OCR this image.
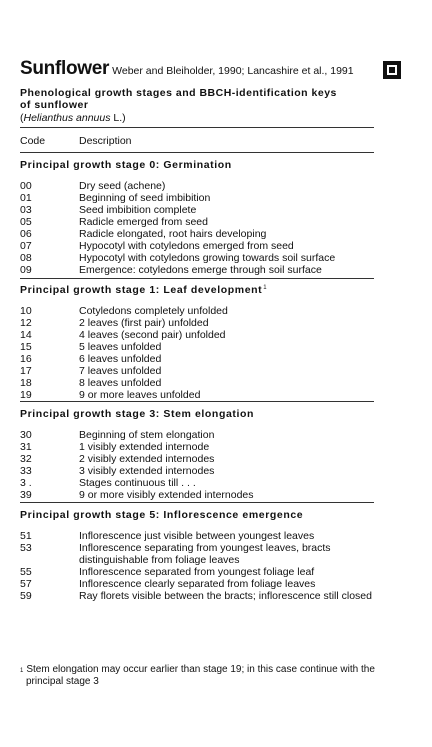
Sunflower Weber and Bleiholder, 1990; Lancashire et al., 1991
Phenological growth stages and BBCH-identification keys
of sunflower
(Helianthus annuus L.)
Code	Description
Principal growth stage 0: Germination
00	Dry seed (achene)
01	Beginning of seed imbibition
03	Seed imbibition complete
05	Radicle emerged from seed
06	Radicle elongated, root hairs developing
07	Hypocotyl with cotyledons emerged from seed
08	Hypocotyl with cotyledons growing towards soil surface
09	Emergence: cotyledons emerge through soil surface
Principal growth stage 1: Leaf development$^1$
10	Cotyledons completely unfolded
12	2 leaves (first pair) unfolded
14	4 leaves (second pair) unfolded
15	5 leaves unfolded
16	6 leaves unfolded
17	7 leaves unfolded
18	8 leaves unfolded
19	9 or more leaves unfolded
Principal growth stage 3: Stem elongation
30	Beginning of stem elongation
31	1 visibly extended internode
32	2 visibly extended internodes
33	3 visibly extended internodes
3 .	Stages continuous till . . .
39	9 or more visibly extended internodes
Principal growth stage 5: Inflorescence emergence
51	Inflorescence just visible between youngest leaves
53	Inflorescence separating from youngest leaves, bracts distinguishable from foliage leaves
55	Inflorescence separated from youngest foliage leaf
57	Inflorescence clearly separated from foliage leaves
59	Ray florets visible between the bracts; inflorescence still closed
$^1$ Stem elongation may occur earlier than stage 19; in this case continue with the
principal stage 3
